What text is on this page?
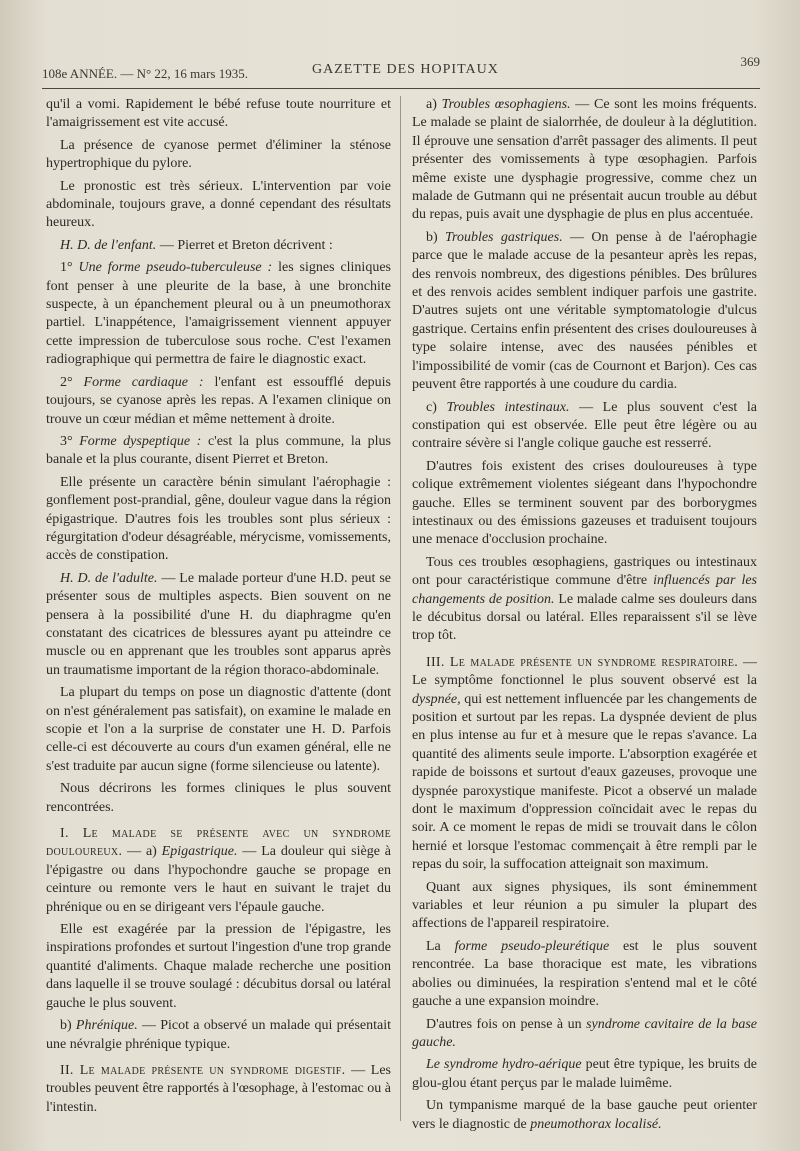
108e ANNÉE. — N° 22, 16 mars 1935.	GAZETTE DES HOPITAUX
369

qu'il a vomi. Rapidement le bébé refuse toute nourriture et l'amaigrissement est vite accusé.

La présence de cyanose permet d'éliminer la sténose hypertrophique du pylore.

Le pronostic est très sérieux. L'intervention par voie abdominale, toujours grave, a donné cependant des résultats heureux.

H. D. de l'enfant. — Pierret et Breton décrivent :

1° Une forme pseudo-tuberculeuse : les signes cliniques font penser à une pleurite de la base, à une bronchite suspecte, à un épanchement pleural ou à un pneumothorax partiel. L'inappétence, l'amaigrissement viennent appuyer cette impression de tuberculose sous roche. C'est l'examen radiographique qui permettra de faire le diagnostic exact.

2° Forme cardiaque : l'enfant est essoufflé depuis toujours, se cyanose après les repas. A l'examen clinique on trouve un cœur médian et même nettement à droite.

3° Forme dyspeptique : c'est la plus commune, la plus banale et la plus courante, disent Pierret et Breton.

Elle présente un caractère bénin simulant l'aérophagie : gonflement post-prandial, gêne, douleur vague dans la région épigastrique. D'autres fois les troubles sont plus sérieux : régurgitation d'odeur désagréable, mérycisme, vomissements, accès de constipation.

H. D. de l'adulte. — Le malade porteur d'une H.D. peut se présenter sous de multiples aspects. Bien souvent on ne pensera à la possibilité d'une H. du diaphragme qu'en constatant des cicatrices de blessures ayant pu atteindre ce muscle ou en apprenant que les troubles sont apparus après un traumatisme important de la région thoraco-abdominale.

La plupart du temps on pose un diagnostic d'attente (dont on n'est généralement pas satisfait), on examine le malade en scopie et l'on a la surprise de constater une H. D. Parfois celle-ci est découverte au cours d'un examen général, elle ne s'est traduite par aucun signe (forme silencieuse ou latente).

Nous décrirons les formes cliniques le plus souvent rencontrées.

I. Le malade se présente avec un syndrome douloureux. — a) Epigastrique. — La douleur qui siège à l'épigastre ou dans l'hypochondre gauche se propage en ceinture ou remonte vers le haut en suivant le trajet du phrénique ou en se dirigeant vers l'épaule gauche.

Elle est exagérée par la pression de l'épigastre, les inspirations profondes et surtout l'ingestion d'une trop grande quantité d'aliments. Chaque malade recherche une position dans laquelle il se trouve soulagé : décubitus dorsal ou latéral gauche le plus souvent.

b) Phrénique. — Picot a observé un malade qui présentait une névralgie phrénique typique.

II. Le malade présente un syndrome digestif. — Les troubles peuvent être rapportés à l'œsophage, à l'estomac ou à l'intestin.

a) Troubles œsophagiens. — Ce sont les moins fréquents. Le malade se plaint de sialorrhée, de douleur à la déglutition. Il éprouve une sensation d'arrêt passager des aliments. Il peut présenter des vomissements à type œsophagien. Parfois même existe une dysphagie progressive, comme chez un malade de Gutmann qui ne présentait aucun trouble au début du repas, puis avait une dysphagie de plus en plus accentuée.

b) Troubles gastriques. — On pense à de l'aérophagie parce que le malade accuse de la pesanteur après les repas, des renvois nombreux, des digestions pénibles. Des brûlures et des renvois acides semblent indiquer parfois une gastrite. D'autres sujets ont une véritable symptomatologie d'ulcus gastrique. Certains enfin présentent des crises douloureuses à type solaire intense, avec des nausées pénibles et l'impossibilité de vomir (cas de Cournont et Barjon). Ces cas peuvent être rapportés à une coudure du cardia.

c) Troubles intestinaux. — Le plus souvent c'est la constipation qui est observée. Elle peut être légère ou au contraire sévère si l'angle colique gauche est resserré.

D'autres fois existent des crises douloureuses à type colique extrêmement violentes siégeant dans l'hypochondre gauche. Elles se terminent souvent par des borborygmes intestinaux ou des émissions gazeuses et traduisent toujours une menace d'occlusion prochaine.

Tous ces troubles œsophagiens, gastriques ou intestinaux ont pour caractéristique commune d'être influencés par les changements de position. Le malade calme ses douleurs dans le décubitus dorsal ou latéral. Elles reparaissent s'il se lève trop tôt.

III. Le malade présente un syndrome respiratoire. — Le symptôme fonctionnel le plus souvent observé est la dyspnée, qui est nettement influencée par les changements de position et surtout par les repas. La dyspnée devient de plus en plus intense au fur et à mesure que le repas s'avance. La quantité des aliments seule importe. L'absorption exagérée et rapide de boissons et surtout d'eaux gazeuses, provoque une dyspnée paroxystique manifeste. Picot a observé un malade dont le maximum d'oppression coïncidait avec le repas du soir. A ce moment le repas de midi se trouvait dans le côlon hernié et lorsque l'estomac commençait à être rempli par le repas du soir, la suffocation atteignait son maximum.

Quant aux signes physiques, ils sont éminemment variables et leur réunion a pu simuler la plupart des affections de l'appareil respiratoire.

La forme pseudo-pleurétique est le plus souvent rencontrée. La base thoracique est mate, les vibrations abolies ou diminuées, la respiration s'entend mal et le côté gauche a une expansion moindre.

D'autres fois on pense à un syndrome cavitaire de la base gauche.

Le syndrome hydro-aérique peut être typique, les bruits de glou-glou étant perçus par le malade luimême.

Un tympanisme marqué de la base gauche peut orienter vers le diagnostic de pneumothorax localisé.
